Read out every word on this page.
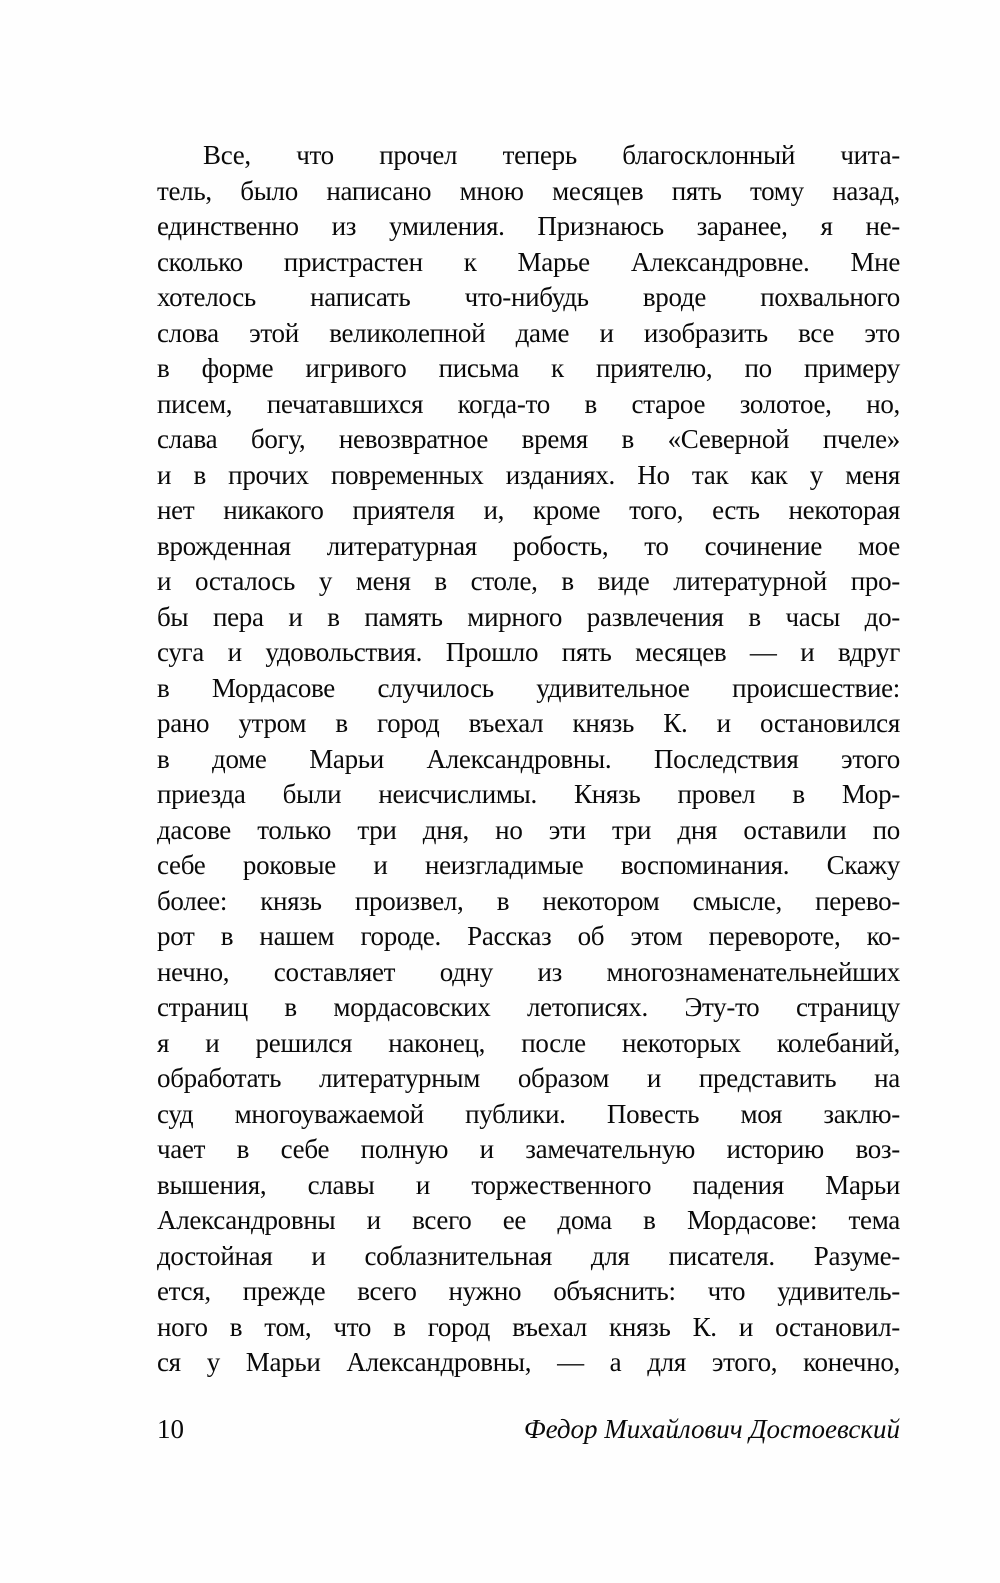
Все, что прочел теперь благосклонный чита-
тель, было написано мною месяцев пять тому назад,
единственно из умиления. Признаюсь заранее, я не-
сколько пристрастен к Марье Александровне. Мне
хотелось написать что-нибудь вроде похвального
слова этой великолепной даме и изобразить все это
в форме игривого письма к приятелю, по примеру
писем, печатавшихся когда-то в старое золотое, но,
слава богу, невозвратное время в «Северной пчеле»
и в прочих повременных изданиях. Но так как у меня
нет никакого приятеля и, кроме того, есть некоторая
врожденная литературная робость, то сочинение мое
и осталось у меня в столе, в виде литературной про-
бы пера и в память мирного развлечения в часы до-
суга и удовольствия. Прошло пять месяцев — и вдруг
в Мордасове случилось удивительное происшествие:
рано утром в город въехал князь К. и остановился
в доме Марьи Александровны. Последствия этого
приезда были неисчислимы. Князь провел в Мор-
дасове только три дня, но эти три дня оставили по
себе роковые и неизгладимые воспоминания. Скажу
более: князь произвел, в некотором смысле, перево-
рот в нашем городе. Рассказ об этом перевороте, ко-
нечно, составляет одну из многознаменательнейших
страниц в мордасовских летописях. Эту-то страницу
я и решился наконец, после некоторых колебаний,
обработать литературным образом и представить на
суд многоуважаемой публики. Повесть моя заклю-
чает в себе полную и замечательную историю воз-
вышения, славы и торжественного падения Марьи
Александровны и всего ее дома в Мордасове: тема
достойная и соблазнительная для писателя. Разуме-
ется, прежде всего нужно объяснить: что удивитель-
ного в том, что в город въехал князь К. и остановил-
ся у Марьи Александровны, — а для этого, конечно,
10	Федор Михайлович Достоевский
